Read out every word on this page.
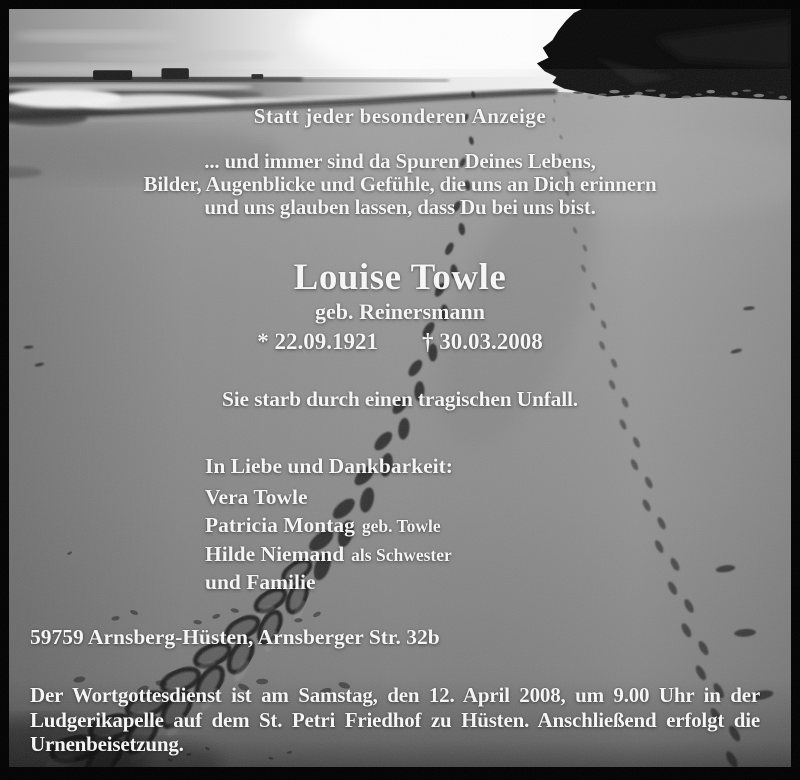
Statt jeder besonderen Anzeige
... und immer sind da Spuren Deines Lebens,
Bilder, Augenblicke und Gefühle, die uns an Dich erinnern
und uns glauben lassen, dass Du bei uns bist.
Louise Towle
geb. Reinersmann
* 22.09.1921 † 30.03.2008
Sie starb durch einen tragischen Unfall.
In Liebe und Dankbarkeit:
Vera Towle
Patricia Montag geb. Towle
Hilde Niemand als Schwester
und Familie
59759 Arnsberg-Hüsten, Arnsberger Str. 32b
Der Wortgottesdienst ist am Samstag, den 12. April 2008, um 9.00 Uhr in der Ludgerikapelle auf dem St. Petri Friedhof zu Hüsten. Anschließend erfolgt die Urnenbeisetzung.
